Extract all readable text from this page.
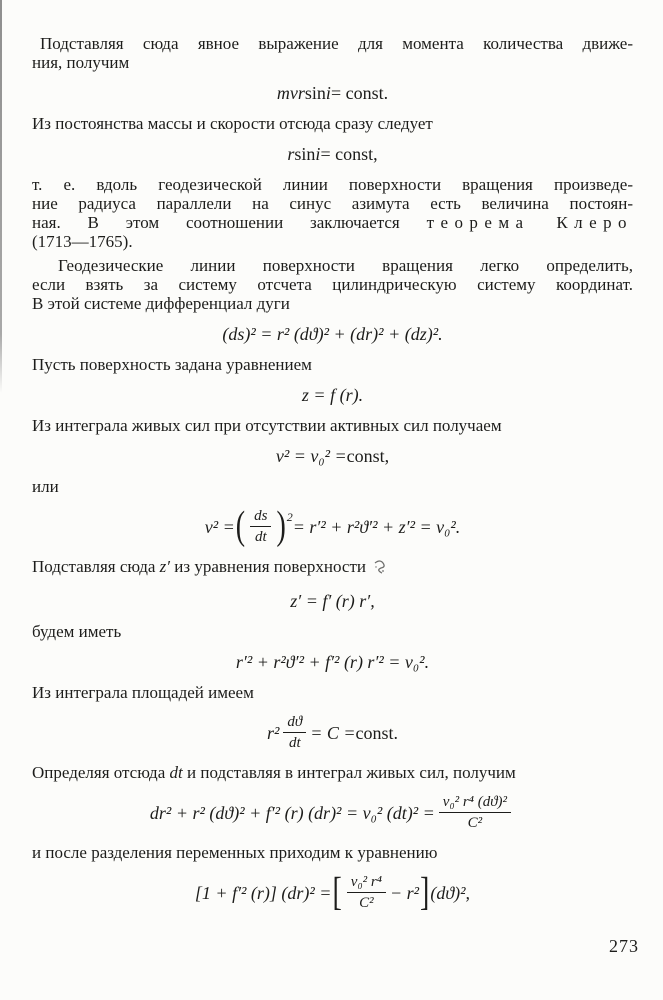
Подставляя сюда явное выражение для момента количества движе-
ния, получим
mvr sin i = const.
Из постоянства массы и скорости отсюда сразу следует
r sin i = const,
т. е. вдоль геодезической линии поверхности вращения произведе-
ние радиуса параллели на синус азимута есть величина постоян-
ная. В этом соотношении заключается теорема Клеро
(1713—1765).
Геодезические линии поверхности вращения легко определить,
если взять за систему отсчета цилиндрическую систему координат.
В этой системе дифференциал дуги
(ds)² = r² (dϑ)² + (dr)² + (dz)².
Пусть поверхность задана уравнением
z = f (r).
Из интеграла живых сил при отсутствии активных сил получаем
v² = v₀² = const,
или
v² = ( $\frac{ds}{dt}$ ) 2 = r′² + r²ϑ′² + z′² = v₀².
Подставляя сюда z′ из уравнения поверхности
z′ = f′ (r) r′,
будем иметь
r′² + r²ϑ′² + f′² (r) r′² = v₀².
Из интеграла площадей имеем
$r^2 \frac{dϑ}{dt} = C$ = const.
Определяя отсюда dt и подставляя в интеграл живых сил, получим
dr² + r² (dϑ)² + f′² (r) (dr)² = v₀² $(dt)^2 = \frac{\text{v₀² r⁴ (dϑ)²}}{\text{C²}}$
и после разделения переменных приходим к уравнению
[1 + f′² (r)] (dr)² = [ $\frac{\text{v₀² r⁴}}{\text{C²}} - r^2$ ] (dϑ)²,
273
